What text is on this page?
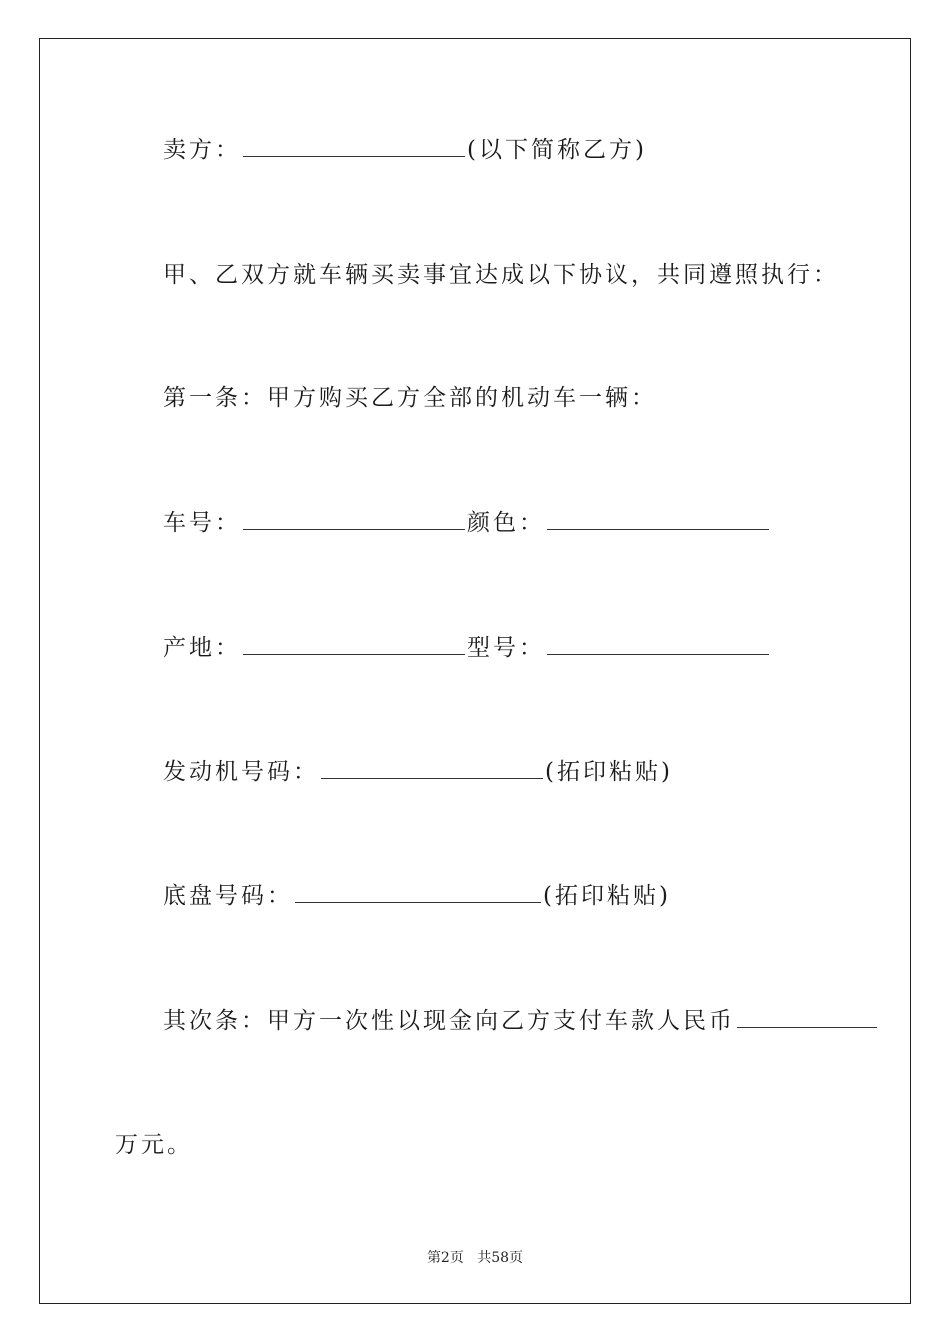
卖方：	(以下简称乙方)
甲、乙双方就车辆买卖事宜达成以下协议，共同遵照执行：
第一条：甲方购买乙方全部的机动车一辆：
车号：	颜色：
产地：	型号：
发动机号码：	(拓印粘贴)
底盘号码：	(拓印粘贴)
其次条：甲方一次性以现金向乙方支付车款人民币
万元。
第2页 共58页
